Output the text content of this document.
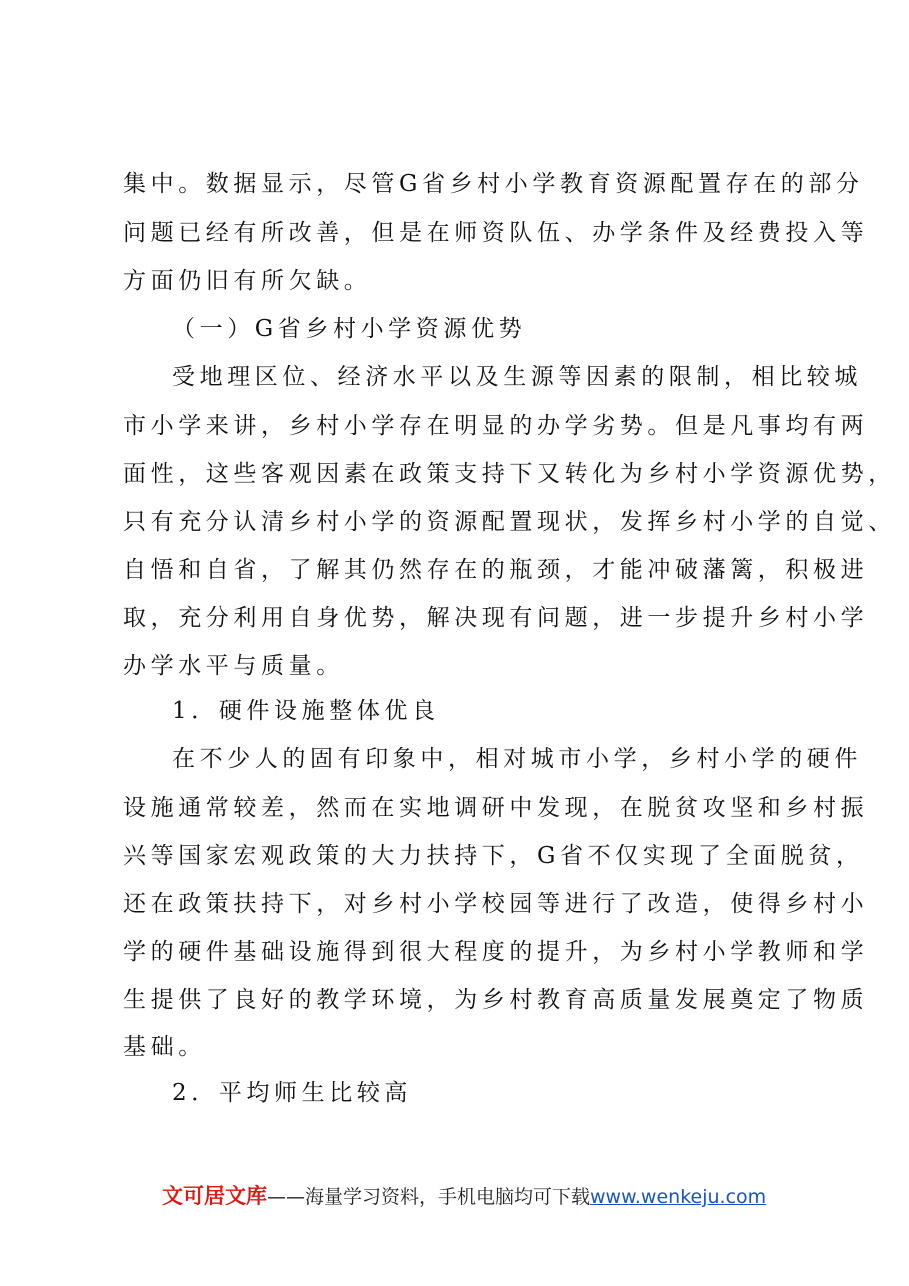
集中。数据显示，尽管G省乡村小学教育资源配置存在的部分
问题已经有所改善，但是在师资队伍、办学条件及经费投入等
方面仍旧有所欠缺。
（一）G省乡村小学资源优势
受地理区位、经济水平以及生源等因素的限制，相比较城
市小学来讲，乡村小学存在明显的办学劣势。但是凡事均有两
面性，这些客观因素在政策支持下又转化为乡村小学资源优势，
只有充分认清乡村小学的资源配置现状，发挥乡村小学的自觉、
自悟和自省，了解其仍然存在的瓶颈，才能冲破藩篱，积极进
取，充分利用自身优势，解决现有问题，进一步提升乡村小学
办学水平与质量。
1．硬件设施整体优良
在不少人的固有印象中，相对城市小学，乡村小学的硬件
设施通常较差，然而在实地调研中发现，在脱贫攻坚和乡村振
兴等国家宏观政策的大力扶持下，G省不仅实现了全面脱贫，
还在政策扶持下，对乡村小学校园等进行了改造，使得乡村小
学的硬件基础设施得到很大程度的提升，为乡村小学教师和学
生提供了良好的教学环境，为乡村教育高质量发展奠定了物质
基础。
2．平均师生比较高
文可居文库——海量学习资料，手机电脑均可下载www.wenkeju.com
